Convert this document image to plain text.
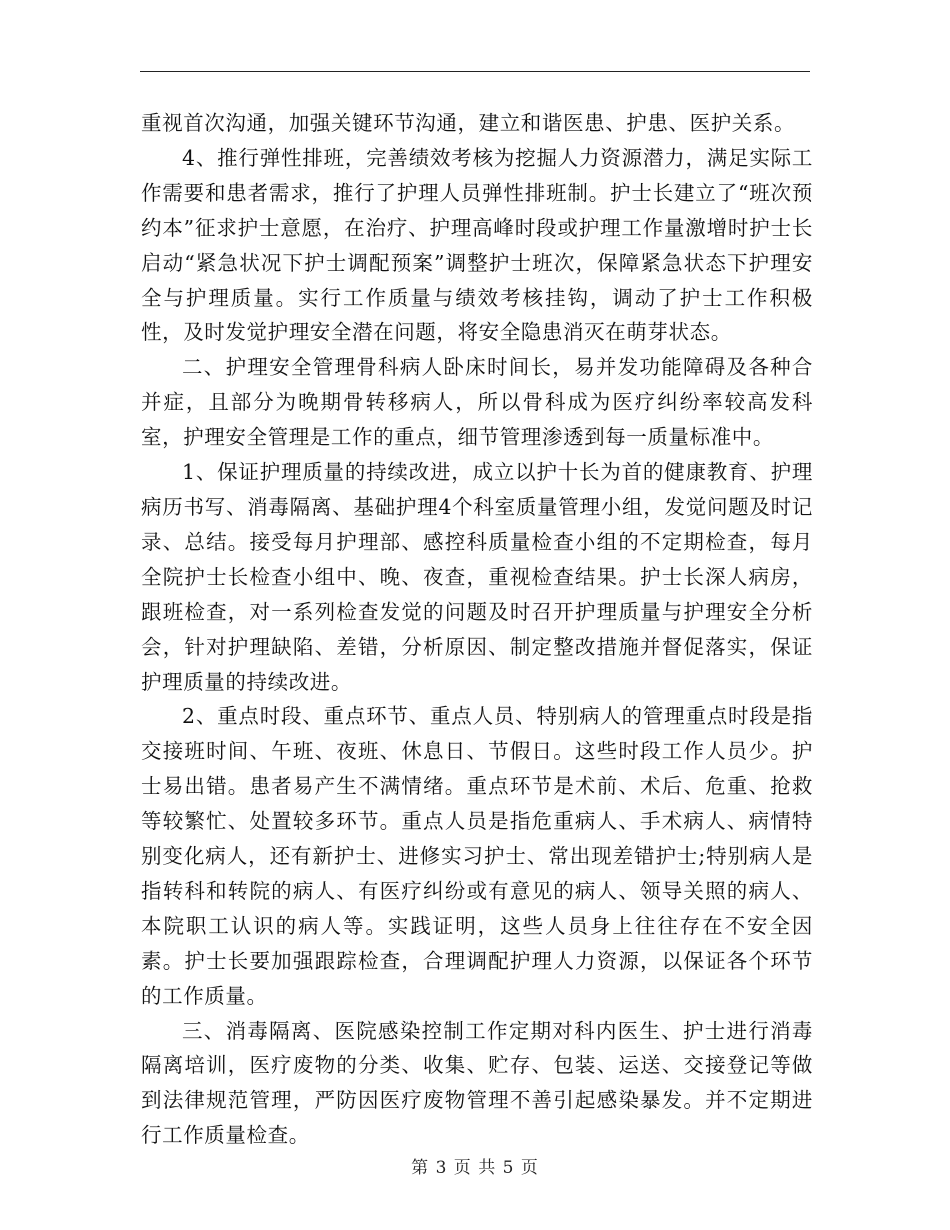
重视首次沟通，加强关键环节沟通，建立和谐医患、护患、医护关系。

4、推行弹性排班，完善绩效考核为挖掘人力资源潜力，满足实际工作需要和患者需求，推行了护理人员弹性排班制。护士长建立了“班次预约本”征求护士意愿，在治疗、护理高峰时段或护理工作量激增时护士长启动“紧急状况下护士调配预案”调整护士班次，保障紧急状态下护理安全与护理质量。实行工作质量与绩效考核挂钩，调动了护士工作积极性，及时发觉护理安全潜在问题，将安全隐患消灭在萌芽状态。

二、护理安全管理骨科病人卧床时间长，易并发功能障碍及各种合并症，且部分为晚期骨转移病人，所以骨科成为医疗纠纷率较高发科室，护理安全管理是工作的重点，细节管理渗透到每一质量标准中。

1、保证护理质量的持续改进，成立以护十长为首的健康教育、护理病历书写、消毒隔离、基础护理4个科室质量管理小组，发觉问题及时记录、总结。接受每月护理部、感控科质量检查小组的不定期检查，每月全院护士长检查小组中、晚、夜查，重视检查结果。护士长深人病房，跟班检查，对一系列检查发觉的问题及时召开护理质量与护理安全分析会，针对护理缺陷、差错，分析原因、制定整改措施并督促落实，保证护理质量的持续改进。

2、重点时段、重点环节、重点人员、特别病人的管理重点时段是指交接班时间、午班、夜班、休息日、节假日。这些时段工作人员少。护士易出错。患者易产生不满情绪。重点环节是术前、术后、危重、抢救等较繁忙、处置较多环节。重点人员是指危重病人、手术病人、病情特别变化病人，还有新护士、进修实习护士、常出现差错护士;特别病人是指转科和转院的病人、有医疗纠纷或有意见的病人、领导关照的病人、本院职工认识的病人等。实践证明，这些人员身上往往存在不安全因素。护士长要加强跟踪检查，合理调配护理人力资源，以保证各个环节的工作质量。

三、消毒隔离、医院感染控制工作定期对科内医生、护士进行消毒隔离培训，医疗废物的分类、收集、贮存、包装、运送、交接登记等做到法律规范管理，严防因医疗废物管理不善引起感染暴发。并不定期进行工作质量检查。

第 3 页 共 5 页
